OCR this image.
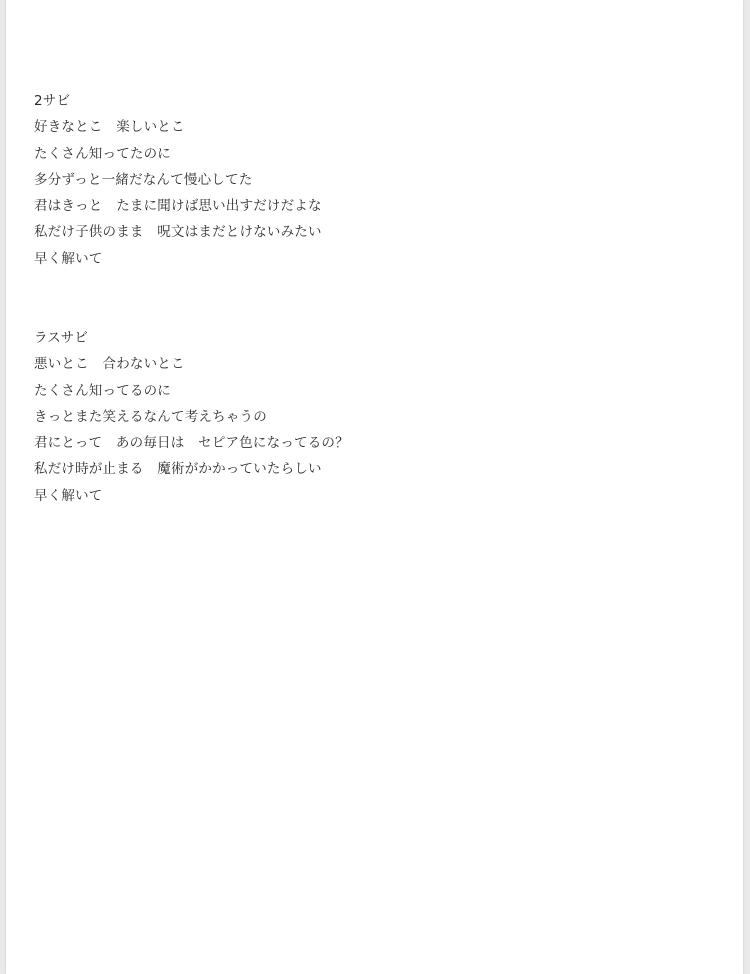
2サビ
好きなとこ　楽しいとこ
たくさん知ってたのに
多分ずっと一緒だなんて慢心してた
君はきっと　たまに聞けば思い出すだけだよな
私だけ子供のまま　呪文はまだとけないみたい
早く解いて
ラスサビ
悪いとこ　合わないとこ
たくさん知ってるのに
きっとまた笑えるなんて考えちゃうの
君にとって　あの毎日は　セピア色になってるの？
私だけ時が止まる　魔術がかかっていたらしい
早く解いて
